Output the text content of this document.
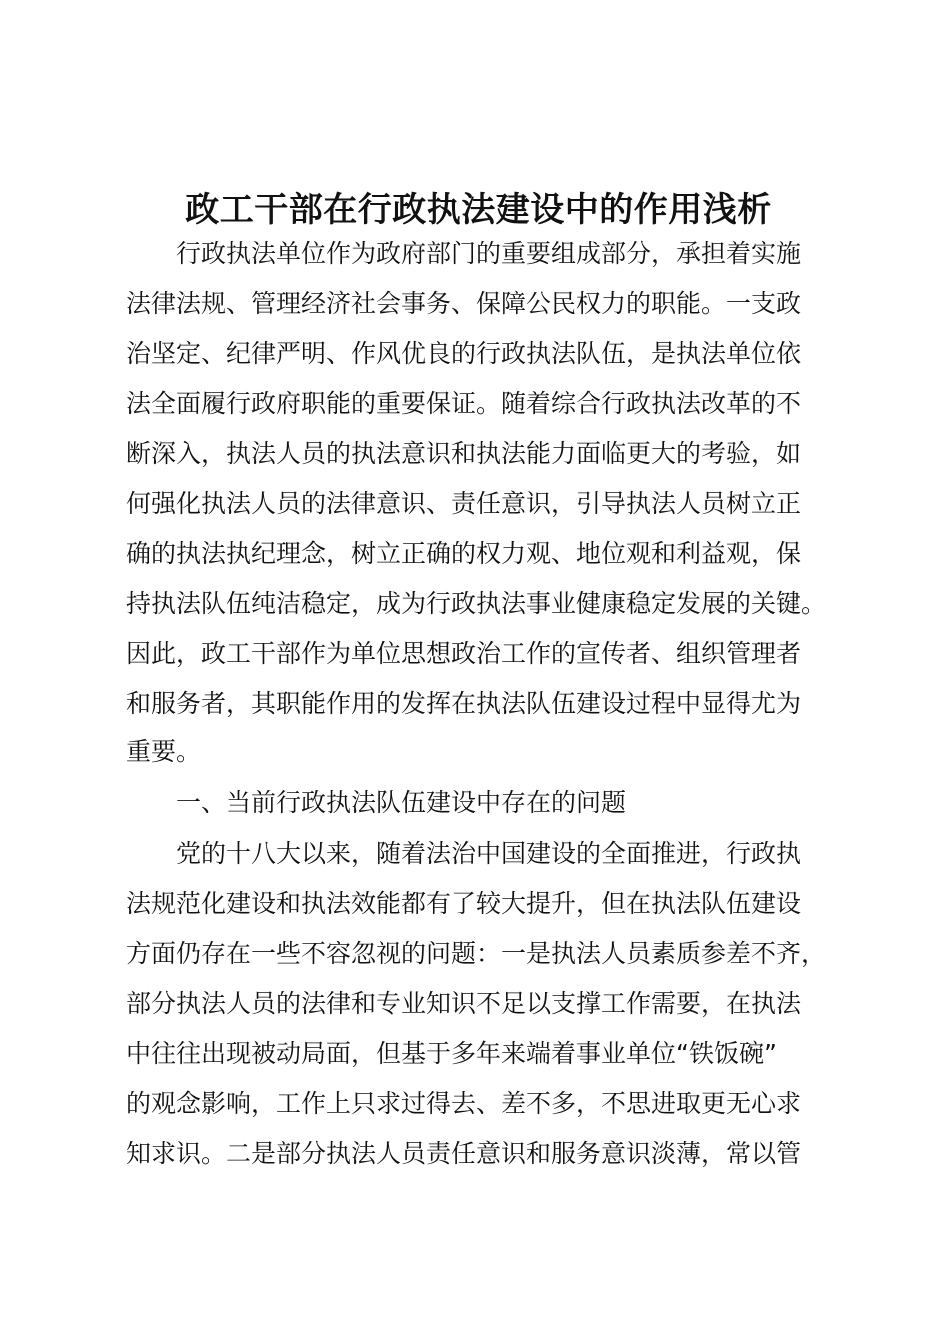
政工干部在行政执法建设中的作用浅析

行政执法单位作为政府部门的重要组成部分，承担着实施

法律法规、管理经济社会事务、保障公民权力的职能。一支政

治坚定、纪律严明、作风优良的行政执法队伍，是执法单位依

法全面履行政府职能的重要保证。随着综合行政执法改革的不

断深入，执法人员的执法意识和执法能力面临更大的考验，如

何强化执法人员的法律意识、责任意识，引导执法人员树立正

确的执法执纪理念，树立正确的权力观、地位观和利益观，保

持执法队伍纯洁稳定，成为行政执法事业健康稳定发展的关键。

因此，政工干部作为单位思想政治工作的宣传者、组织管理者

和服务者，其职能作用的发挥在执法队伍建设过程中显得尤为

重要。

一、当前行政执法队伍建设中存在的问题

党的十八大以来，随着法治中国建设的全面推进，行政执

法规范化建设和执法效能都有了较大提升，但在执法队伍建设

方面仍存在一些不容忽视的问题：一是执法人员素质参差不齐，

部分执法人员的法律和专业知识不足以支撑工作需要，在执法

中往往出现被动局面，但基于多年来端着事业单位“铁饭碗”

的观念影响，工作上只求过得去、差不多，不思进取更无心求

知求识。二是部分执法人员责任意识和服务意识淡薄，常以管
